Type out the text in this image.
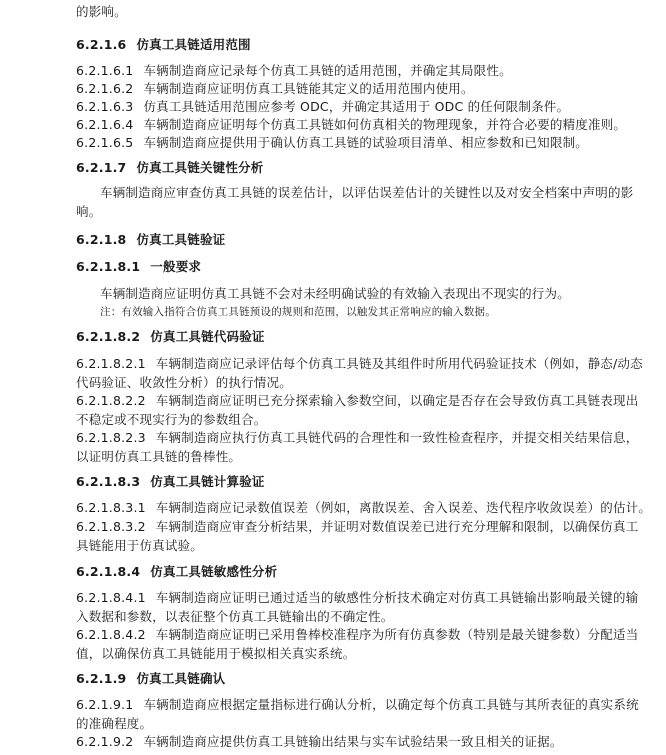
的影响。
6.2.1.6 仿真工具链适用范围
6.2.1.6.1 车辆制造商应记录每个仿真工具链的适用范围，并确定其局限性。
6.2.1.6.2 车辆制造商应证明仿真工具链能其定义的适用范围内使用。
6.2.1.6.3 仿真工具链适用范围应参考 ODC，并确定其适用于 ODC 的任何限制条件。
6.2.1.6.4 车辆制造商应证明每个仿真工具链如何仿真相关的物理现象，并符合必要的精度准则。
6.2.1.6.5 车辆制造商应提供用于确认仿真工具链的试验项目清单、相应参数和已知限制。
6.2.1.7 仿真工具链关键性分析
车辆制造商应审查仿真工具链的误差估计，以评估误差估计的关键性以及对安全档案中声明的影
响。
6.2.1.8 仿真工具链验证
6.2.1.8.1 一般要求
车辆制造商应证明仿真工具链不会对未经明确试验的有效输入表现出不现实的行为。
注：有效输入指符合仿真工具链预设的规则和范围，以触发其正常响应的输入数据。
6.2.1.8.2 仿真工具链代码验证
6.2.1.8.2.1 车辆制造商应记录评估每个仿真工具链及其组件时所用代码验证技术（例如，静态/动态
代码验证、收敛性分析）的执行情况。
6.2.1.8.2.2 车辆制造商应证明已充分探索输入参数空间，以确定是否存在会导致仿真工具链表现出
不稳定或不现实行为的参数组合。
6.2.1.8.2.3 车辆制造商应执行仿真工具链代码的合理性和一致性检查程序，并提交相关结果信息，
以证明仿真工具链的鲁棒性。
6.2.1.8.3 仿真工具链计算验证
6.2.1.8.3.1 车辆制造商应记录数值误差（例如，离散误差、舍入误差、迭代程序收敛误差）的估计。
6.2.1.8.3.2 车辆制造商应审查分析结果，并证明对数值误差已进行充分理解和限制，以确保仿真工
具链能用于仿真试验。
6.2.1.8.4 仿真工具链敏感性分析
6.2.1.8.4.1 车辆制造商应证明已通过适当的敏感性分析技术确定对仿真工具链输出影响最关键的输
入数据和参数，以表征整个仿真工具链输出的不确定性。
6.2.1.8.4.2 车辆制造商应证明已采用鲁棒校准程序为所有仿真参数（特别是最关键参数）分配适当
值，以确保仿真工具链能用于模拟相关真实系统。
6.2.1.9 仿真工具链确认
6.2.1.9.1 车辆制造商应根据定量指标进行确认分析，以确定每个仿真工具链与其所表征的真实系统
的准确程度。
6.2.1.9.2 车辆制造商应提供仿真工具链输出结果与实车试验结果一致且相关的证据。
